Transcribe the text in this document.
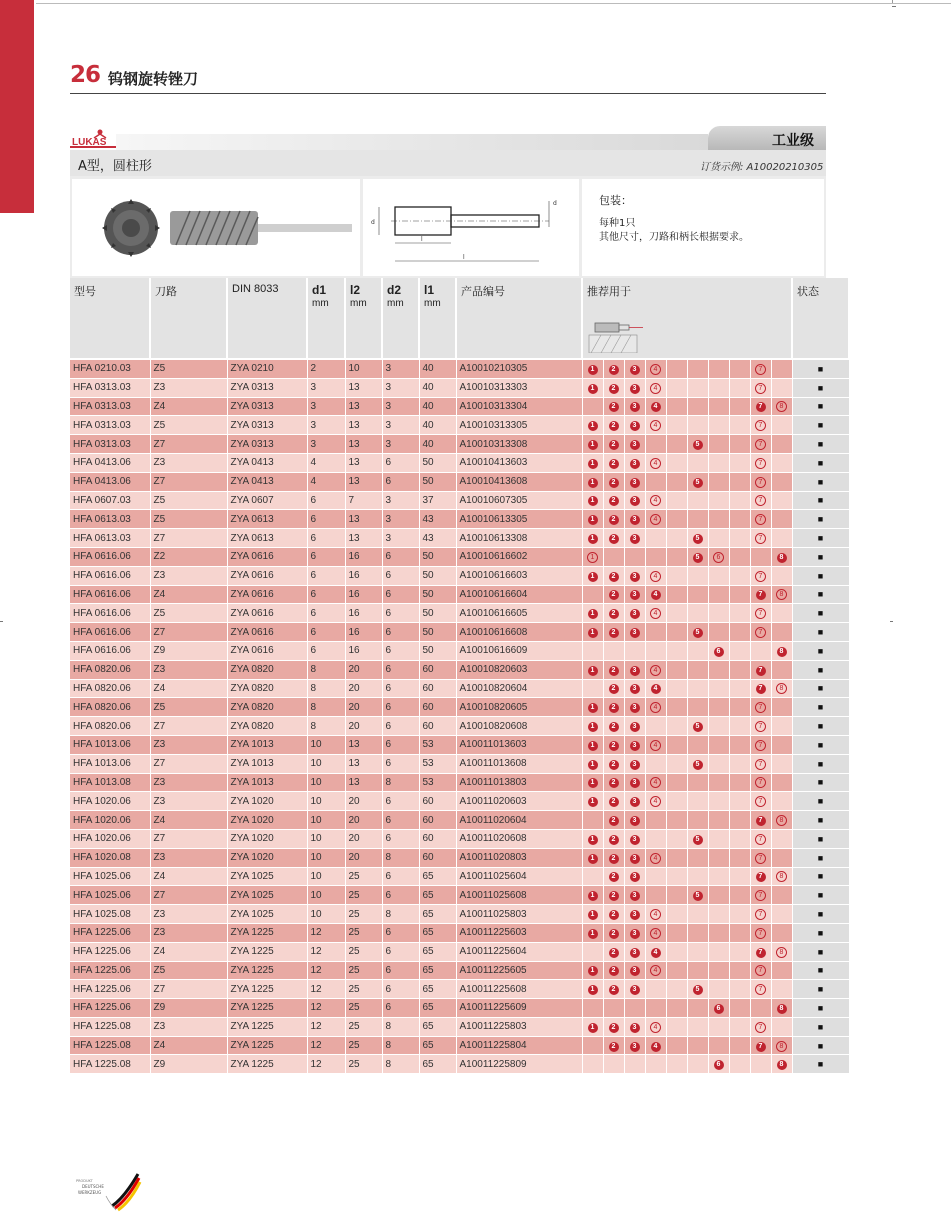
26 钨钢旋转锉刀
LUKAS	工业级
A型，圆柱形	订货示例: A10020210305
d
l
l
d	包装：
每种1只
其他尺寸，刀路和柄长根据要求。
型号	刀路	DIN 8033	d1
mm	l2
mm	d2
mm	l1
mm	产品编号	推荐用于										状态
HFA 0210.03	Z5	ZYA 0210	2	10	3	40	A10010210305	1	2	3	4					7		■
HFA 0313.03	Z3	ZYA 0313	3	13	3	40	A10010313303	1	2	3	4					7		■
HFA 0313.03	Z4	ZYA 0313	3	13	3	40	A10010313304		2	3	4					7	8	■
HFA 0313.03	Z5	ZYA 0313	3	13	3	40	A10010313305	1	2	3	4					7		■
HFA 0313.03	Z7	ZYA 0313	3	13	3	40	A10010313308	1	2	3			5			7		■
HFA 0413.06	Z3	ZYA 0413	4	13	6	50	A10010413603	1	2	3	4					7		■
HFA 0413.06	Z7	ZYA 0413	4	13	6	50	A10010413608	1	2	3			5			7		■
HFA 0607.03	Z5	ZYA 0607	6	7	3	37	A10010607305	1	2	3	4					7		■
HFA 0613.03	Z5	ZYA 0613	6	13	3	43	A10010613305	1	2	3	4					7		■
HFA 0613.03	Z7	ZYA 0613	6	13	3	43	A10010613308	1	2	3			5			7		■
HFA 0616.06	Z2	ZYA 0616	6	16	6	50	A10010616602	1					5	6			8	■
HFA 0616.06	Z3	ZYA 0616	6	16	6	50	A10010616603	1	2	3	4					7		■
HFA 0616.06	Z4	ZYA 0616	6	16	6	50	A10010616604		2	3	4					7	8	■
HFA 0616.06	Z5	ZYA 0616	6	16	6	50	A10010616605	1	2	3	4					7		■
HFA 0616.06	Z7	ZYA 0616	6	16	6	50	A10010616608	1	2	3			5			7		■
HFA 0616.06	Z9	ZYA 0616	6	16	6	50	A10010616609							6			8	■
HFA 0820.06	Z3	ZYA 0820	8	20	6	60	A10010820603	1	2	3	4					7		■
HFA 0820.06	Z4	ZYA 0820	8	20	6	60	A10010820604		2	3	4					7	8	■
HFA 0820.06	Z5	ZYA 0820	8	20	6	60	A10010820605	1	2	3	4					7		■
HFA 0820.06	Z7	ZYA 0820	8	20	6	60	A10010820608	1	2	3			5			7		■
HFA 1013.06	Z3	ZYA 1013	10	13	6	53	A10011013603	1	2	3	4					7		■
HFA 1013.06	Z7	ZYA 1013	10	13	6	53	A10011013608	1	2	3			5			7		■
HFA 1013.08	Z3	ZYA 1013	10	13	8	53	A10011013803	1	2	3	4					7		■
HFA 1020.06	Z3	ZYA 1020	10	20	6	60	A10011020603	1	2	3	4					7		■
HFA 1020.06	Z4	ZYA 1020	10	20	6	60	A10011020604		2	3						7	8	■
HFA 1020.06	Z7	ZYA 1020	10	20	6	60	A10011020608	1	2	3			5			7		■
HFA 1020.08	Z3	ZYA 1020	10	20	8	60	A10011020803	1	2	3	4					7		■
HFA 1025.06	Z4	ZYA 1025	10	25	6	65	A10011025604		2	3						7	8	■
HFA 1025.06	Z7	ZYA 1025	10	25	6	65	A10011025608	1	2	3			5			7		■
HFA 1025.08	Z3	ZYA 1025	10	25	8	65	A10011025803	1	2	3	4					7		■
HFA 1225.06	Z3	ZYA 1225	12	25	6	65	A10011225603	1	2	3	4					7		■
HFA 1225.06	Z4	ZYA 1225	12	25	6	65	A10011225604		2	3	4					7	8	■
HFA 1225.06	Z5	ZYA 1225	12	25	6	65	A10011225605	1	2	3	4					7		■
HFA 1225.06	Z7	ZYA 1225	12	25	6	65	A10011225608	1	2	3			5			7		■
HFA 1225.06	Z9	ZYA 1225	12	25	6	65	A10011225609							6			8	■
HFA 1225.08	Z3	ZYA 1225	12	25	8	65	A10011225803	1	2	3	4					7		■
HFA 1225.08	Z4	ZYA 1225	12	25	8	65	A10011225804		2	3	4					7	8	■
HFA 1225.08	Z9	ZYA 1225	12	25	8	65	A10011225809							6			8	■
PRODUKT
DEUTSCHE
WERKZEUG
